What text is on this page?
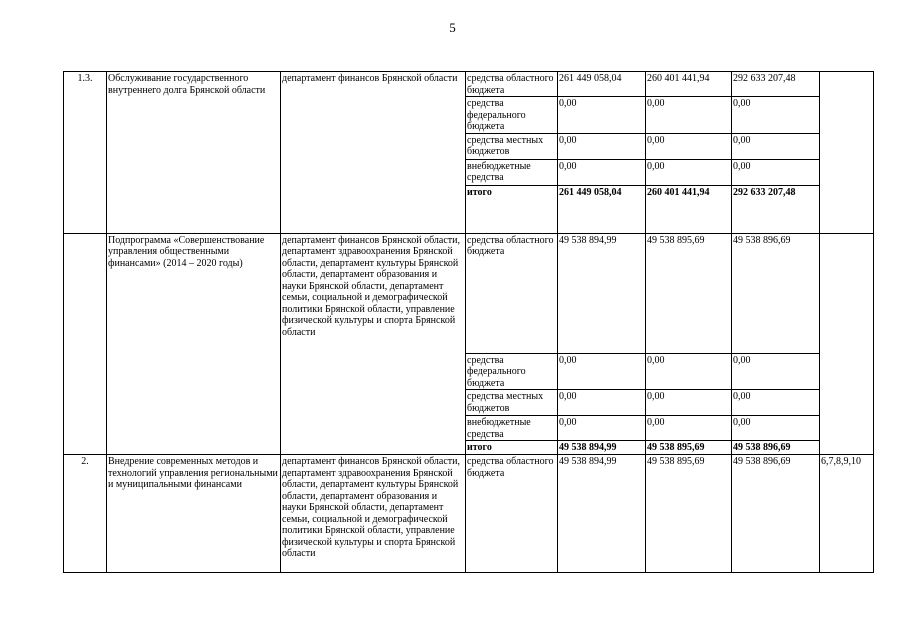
5
1.3.	Обслуживание государственного внутреннего долга Брянской области	департамент финансов Брянской области	средства областного бюджета	261 449 058,04	260 401 441,94	292 633 207,48	
			средства федерального бюджета	0,00	0,00	0,00	
			средства местных бюджетов	0,00	0,00	0,00	
			внебюджетные средства	0,00	0,00	0,00	
			итого	261 449 058,04	260 401 441,94	292 633 207,48	
	Подпрограмма «Совершенствование управления общественными финансами» (2014 – 2020 годы)	департамент финансов Брянской области, департамент здравоохранения Брянской области, департамент культуры Брянской области, департамент образования и науки Брянской области, департамент семьи, социальной и демографической политики Брянской области, управление физической культуры и спорта Брянской области	средства областного бюджета	49 538 894,99	49 538 895,69	49 538 896,69	
			средства федерального бюджета	0,00	0,00	0,00	
			средства местных бюджетов	0,00	0,00	0,00	
			внебюджетные средства	0,00	0,00	0,00	
			итого	49 538 894,99	49 538 895,69	49 538 896,69	
2.	Внедрение современных методов и технологий управления региональными и муниципальными финансами	департамент финансов Брянской области, департамент здравоохранения Брянской области, департамент культуры Брянской области, департамент образования и науки Брянской области, департамент семьи, социальной и демографической политики Брянской области, управление физической культуры и спорта Брянской области	средства областного бюджета	49 538 894,99	49 538 895,69	49 538 896,69	6,7,8,9,10
